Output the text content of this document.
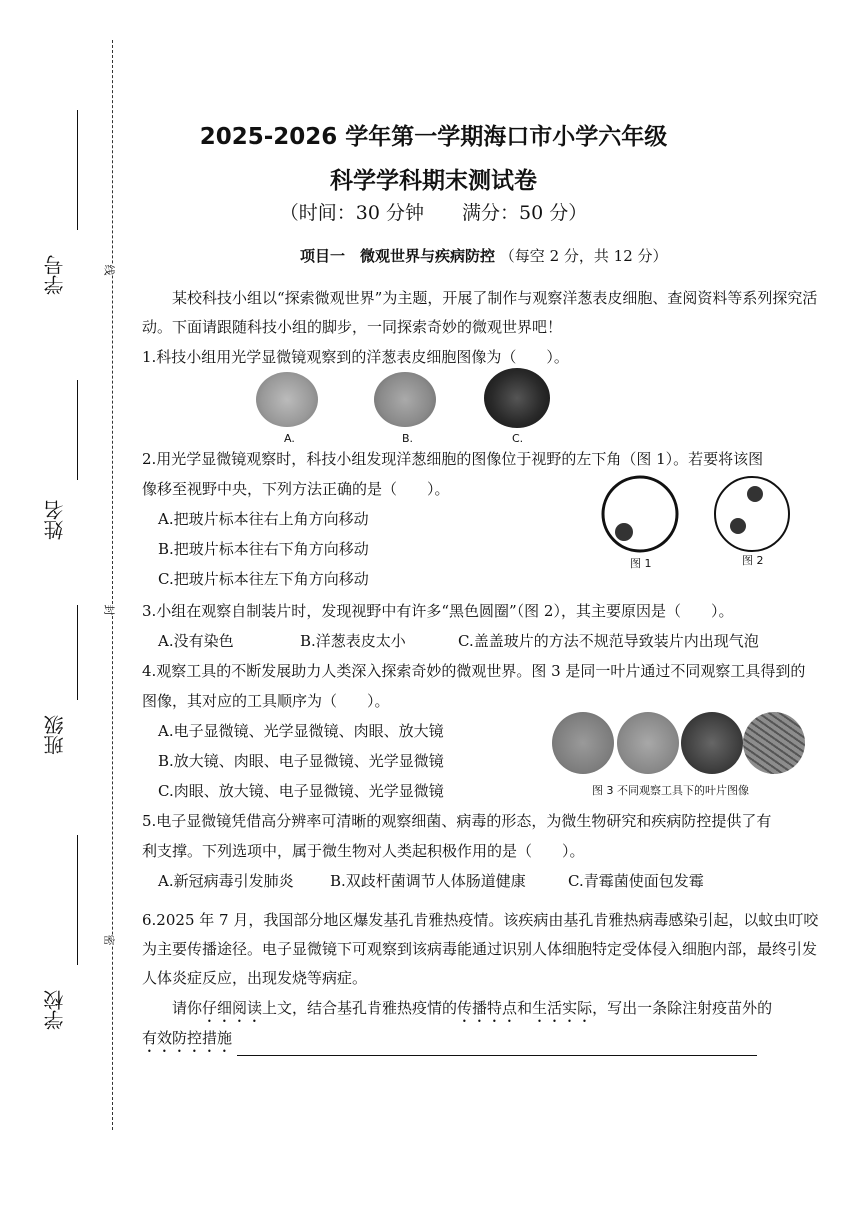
学号
姓名
班级
学校
线
封
密
2025-2026 学年第一学期海口市小学六年级
科学学科期末测试卷
（时间：30 分钟　　满分：50 分）
项目一　微观世界与疾病防控 （每空 2 分，共 12 分）
某校科技小组以“探索微观世界”为主题，开展了制作与观察洋葱表皮细胞、查阅资料等系列探究活动。下面请跟随科技小组的脚步，一同探索奇妙的微观世界吧！
1.科技小组用光学显微镜观察到的洋葱表皮细胞图像为（　　）。
A.	B.	C.
2.用光学显微镜观察时，科技小组发现洋葱细胞的图像位于视野的左下角（图 1）。若要将该图
像移至视野中央，下列方法正确的是（　　）。
A.把玻片标本往右上角方向移动
B.把玻片标本往右下角方向移动
C.把玻片标本往左下角方向移动
图 1	图 2
3.小组在观察自制装片时，发现视野中有许多“黑色圆圈”（图 2），其主要原因是（　　）。
A.没有染色	B.洋葱表皮太小	C.盖盖玻片的方法不规范导致装片内出现气泡
4.观察工具的不断发展助力人类深入探索奇妙的微观世界。图 3 是同一叶片通过不同观察工具得到的
图像，其对应的工具顺序为（　　）。
A.电子显微镜、光学显微镜、肉眼、放大镜
B.放大镜、肉眼、电子显微镜、光学显微镜
C.肉眼、放大镜、电子显微镜、光学显微镜	图 3 不同观察工具下的叶片图像
5.电子显微镜凭借高分辨率可清晰的观察细菌、病毒的形态，为微生物研究和疾病防控提供了有
利支撑。下列选项中，属于微生物对人类起积极作用的是（　　）。
A.新冠病毒引发肺炎 B.双歧杆菌调节人体肠道健康	C.青霉菌使面包发霉
6.2025 年 7 月，我国部分地区爆发基孔肯雅热疫情。该疾病由基孔肯雅热病毒感染引起，以蚊虫叮咬为主要传播途径。电子显微镜下可观察到该病毒能通过识别人体细胞特定受体侵入细胞内部，最终引发人体炎症反应，出现发烧等病症。
请你仔细阅读上文，结合基孔肯雅热疫情的传播特点和生活实际，写出一条除注射疫苗外的
有效防控措施
